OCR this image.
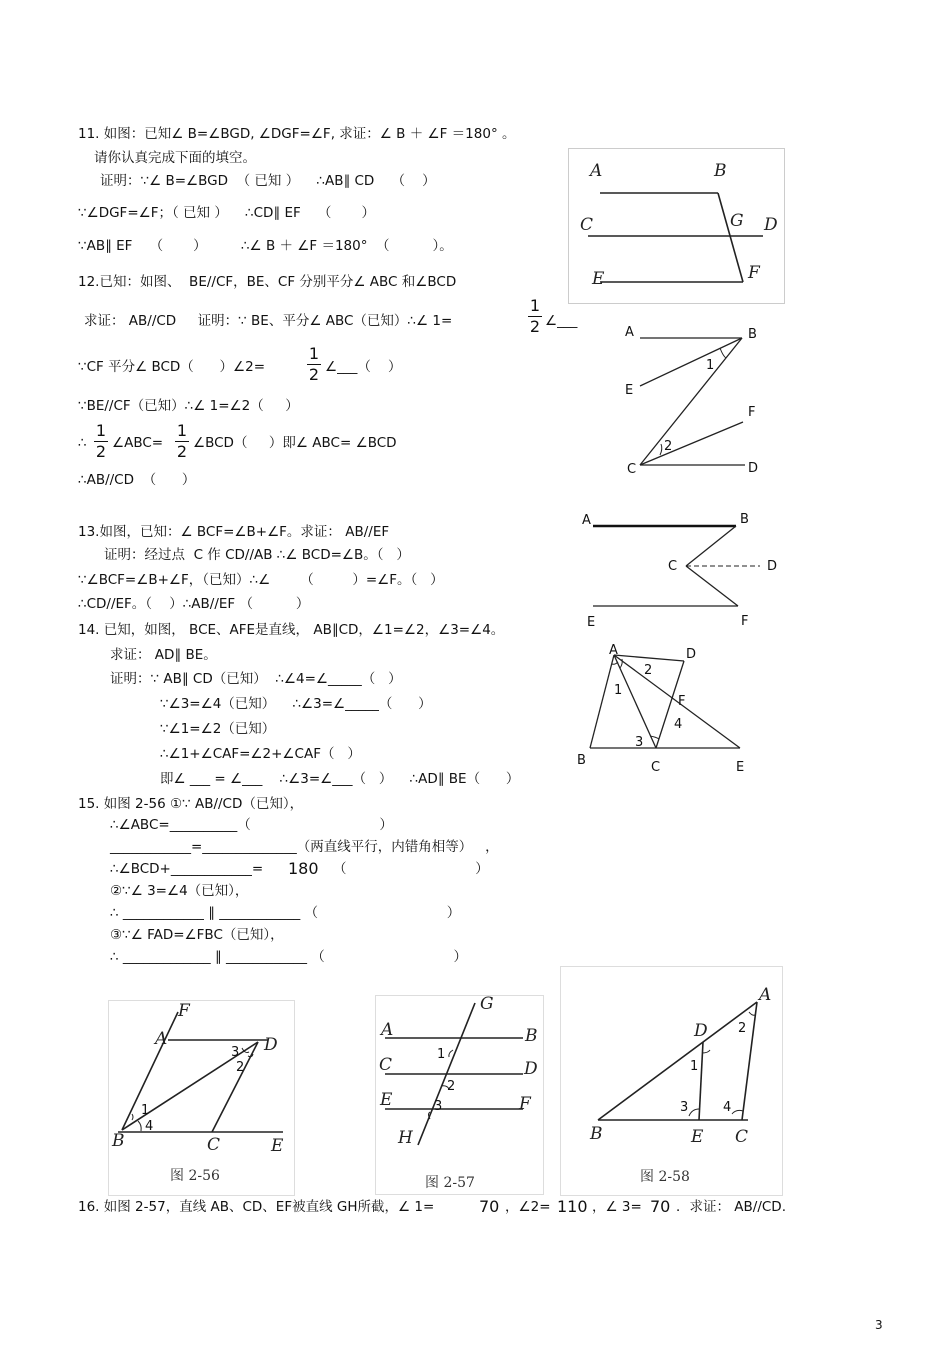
11. 如图：已知∠ B=∠BGD, ∠DGF=∠F, 求证：∠ B ＋ ∠F ＝180° 。
请你认真完成下面的填空。
证明：∵∠ B=∠BGD  （ 已知 ）    ∴AB∥ CD    （    ）
∵∠DGF=∠F；（ 已知 ）    ∴CD∥ EF    （       ）
∵AB∥ EF    （       ）        ∴∠ B ＋ ∠F ＝180°  （          ）。
A	B
C	G D
E	F
12.已知：如图、  BE//CF，BE、CF 分别平分∠ ABC 和∠BCD
求证： AB//CD     证明：∵ BE、平分∠ ABC（已知）∴∠ 1=
1
2 ∠___
∵CF 平分∠ BCD（      ）∠2=
1
2 ∠___（    ）
∵BE//CF（已知）∴∠ 1=∠2（     ）
∴
1
2 ∠ABC=
1
2 ∠BCD（     ）即∠ ABC= ∠BCD
∴AB//CD  （      ）
A	B
E
1
F
2
C	D
13.如图，已知：∠ BCF=∠B+∠F。求证： AB//EF
证明：经过点  C 作 CD//AB ∴∠ BCD=∠B。（   ）
∵∠BCF=∠B+∠F，（已知）∴∠       （         ）=∠F。（   ）
∴CD//EF。（    ）∴AB//EF （          ）
A	B
C	D
E	F
14. 已知，如图， BCE、AFE是直线， AB∥CD，∠1=∠2，∠3=∠4。
求证： AD∥ BE。
证明：∵ AB∥ CD（已知）  ∴∠4=∠_____（   ）
∵∠3=∠4（已知）    ∴∠3=∠_____（      ）
∵∠1=∠2（已知）
∴∠1+∠CAF=∠2+∠CAF（   ）
即∠ ___ = ∠___    ∴∠3=∠___（   ）    ∴AD∥ BE（      ）
A	D
2
1
F
4
3
B	C	E
15. 如图 2-56 ①∵ AB//CD（已知），
∴∠ABC=__________（                              ）
____________=______________（两直线平行，内错角相等）   ，
∴∠BCD+____________= 180 （                              ）
②∵∠ 3=∠4（已知），
∴ ____________ ∥ ____________ （                              ）
③∵∠ FAD=∠FBC（已知），
∴ _____________ ∥ ____________ （                              ）
F
A	D
3
2
1
4
B	C	E
图 2-56
G
A	B
1
C	D
2
E	3	F
H
图 2-57
A
D 2
1
3	4
B	E C
图 2-58
16. 如图 2-57，直线 AB、CD、EF被直线 GH所截，∠ 1=	70 ，∠2= 110 ，∠ 3= 70 ．求证： AB//CD.
3
